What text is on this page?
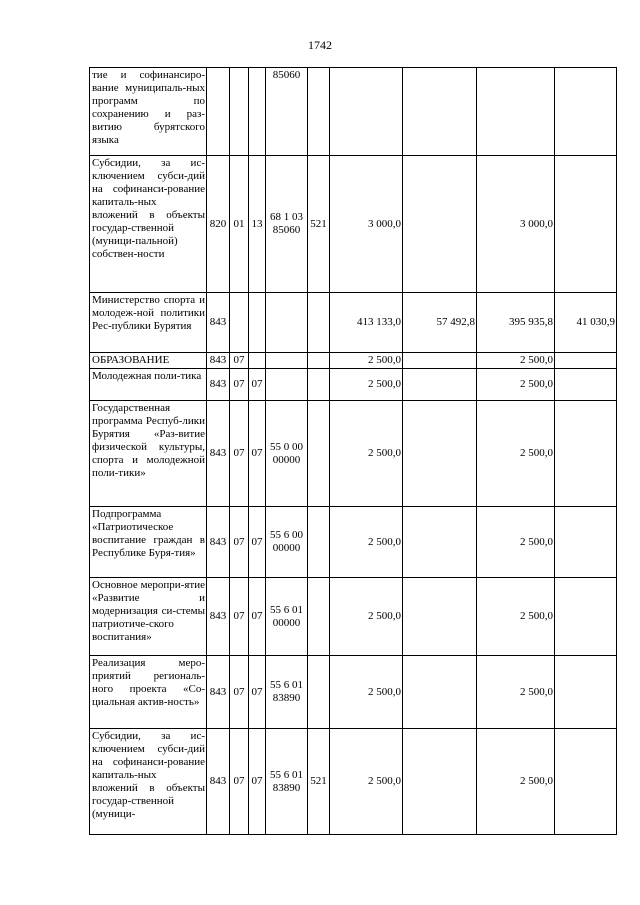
1742
тие и софинансиро-вание муниципаль-ных программ по сохранению и раз-витию бурятского языка				85060					
Субсидии, за ис-ключением субси-дий на софинанси-рование капиталь-ных вложений в объекты государ-ственной (муници-пальной) собствен-ности	820	01	13	68 1 03 85060	521	3 000,0		3 000,0	
Министерство спорта и молодеж-ной политики Рес-публики Бурятия	843					413 133,0	57 492,8	395 935,8	41 030,9
ОБРАЗОВАНИЕ	843	07				2 500,0		2 500,0	
Молодежная поли-тика	843	07	07			2 500,0		2 500,0	
Государственная программа Респуб-лики Бурятия «Раз-витие физической культуры, спорта и молодежной поли-тики»	843	07	07	55 0 00 00000		2 500,0		2 500,0	
Подпрограмма «Патриотическое воспитание граждан в Республике Буря-тия»	843	07	07	55 6 00 00000		2 500,0		2 500,0	
Основное меропри-ятие «Развитие и модернизация си-стемы патриотиче-ского воспитания»	843	07	07	55 6 01 00000		2 500,0		2 500,0	
Реализация меро-приятий региональ-ного проекта «Со-циальная актив-ность»	843	07	07	55 6 01 83890		2 500,0		2 500,0	
Субсидии, за ис-ключением субси-дий на софинанси-рование капиталь-ных вложений в объекты государ-ственной (муници-	843	07	07	55 6 01 83890	521	2 500,0		2 500,0	
